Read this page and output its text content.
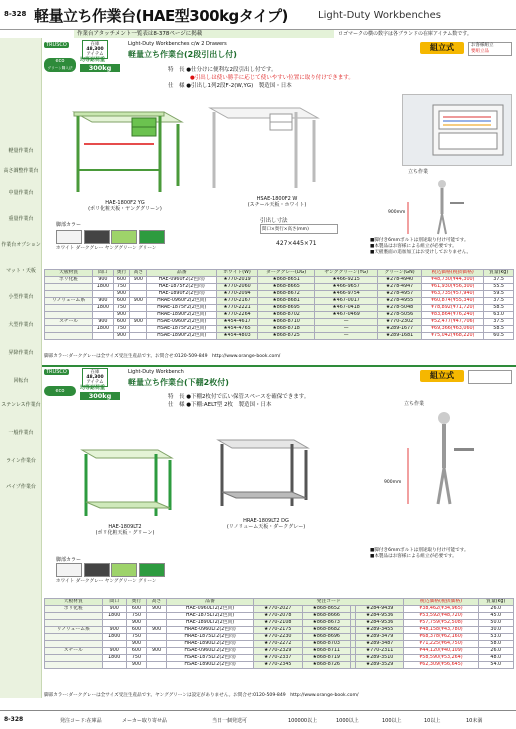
8-328 軽量立ち作業台(HAE型300kgタイプ)	Light-Duty Workbenches
作業台アタッチメント一覧表は8-378ページに掲載	ロゴマークの横の数字は各ブランドの在庫アイテム数です。
軽量作業台
高さ調整作業台
中量作業台
重量作業台
作業台オプション
マット・天板
小型作業台
大型作業台
昇降作業台
回転台
ステンレス作業台
一般作業台
ライン作業台
パイプ作業台
TRUSCO	在庫
48,300
アイテム
eco
グリーン購入法
均等耐荷重
300kg
Light-Duty Workbenches c/w 2 Drawers
軽量立ち作業台(2段引出し付)
特　長 ●仕分けに便利な2段引出し付です。
　　　　●引出しは使い勝手に応じて使いやすい位置に取り付けできます。
仕　様 ●引出し1列2段F-2(W,YG)　製造国・日本
組立式	お客様組立
要組立品
HAE-1800F2 YG
(ポリ化粧天板・ヤンググリーン)
HSAE-1800F2 W
(スチール天板・ホワイト)
立ち作業
900mm
引出し寸法
間口×奥行×高さ(mm)
427×445×71
脚部カラー

ホワイト ダークグレー ヤンググリーン グリーン
■脚付き6mmボルトは別途取り付け可能です。
■本製品はお客様による組立が必要です。
■天板裏面の追加加工はお受けしておりません。
天板材質	間口	奥行	高さ	品番	ホワイト(W)	ダークグレー(DG)	ヤンググリーン(YG)	グリーン(GN)	税込価格(税抜価格)	質量(kg)
ポリ化粧	900	600	900	HAE-0960F2(2色同)	★770-2019	★868-8651	★466-9215	★278-4940	¥48,730(¥44,300)	37.5
	1800	750		HAE-1875F2(2色同)	★770-2060	★868-8665	★466-9657	★278-4947	¥61,930(¥56,300)	55.5
		900		HAE-1890F2(2色同)	★770-2094	★868-8672	★466-9754	★278-4957	¥63,735(¥57,940)	59.5
リノリューム系	900	600	900	HRAE-0960F2(2色同)	★770-2167	★868-8681	★467-0017	★278-4955	¥60,874(¥55,340)	37.5
	1800	750		HRAE-1875F2(2色同)	★770-2221	★868-8695	★467-0418	★278-5048	¥78,892(¥71,720)	58.5
		900		HRAE-1890F2(2色同)	★770-2264	★868-8702	★467-0469	★278-5056	¥83,864(¥76,240)	63.0
スチール	900	600	900	HSAE-0960F2(2色同)	★454-4617	★868-8710	—	★770-2302	¥52,477(¥47,706)	37.5
	1800	750		HSAE-1875F2(2色同)	★454-4765	★868-8718	—	★289-1677	¥69,366(¥63,060)	58.5
		900		HSAE-1890F2(2色同)	★454-4803	★868-8725	—	★289-1681	¥75,042(¥68,220)	60.5
脚部カラー:ダークグレーは全サイズ受注生産品です。お問合せ:0120-509-849　http://www.orange-book.com/
TRUSCO	在庫
48,300
アイテム
eco	均等耐荷重
300kg
Light-Duty Workbench
軽量立ち作業台(下棚2枚付)
特　長 ●下棚2枚付で広い保管スペースを確保できます。
仕　様 ●下棚:AELT型 2枚　製造国・日本
組立式
HAE-1809LT2
(ポリ化粧天板・グリーン)
HRAE-1809LT2 DG
(リノリューム天板・ダークグレー)
立ち作業
900mm
脚部カラー

ホワイト ダークグレー ヤンググリーン グリーン
■脚付き6mmボルトは別途取り付け可能です。
■本製品はお客様による組立が必要です。
天板材質	間口	奥行	高さ	品番	発注コード				税込価格(税抜価格)	質量(kg)
ポリ化粧	900	600	900	HAE-0960LT2(2色同)	★770-2027	★868-8652		★284-9439	¥38,462(¥34,965)	26.0
	1800	750		HAE-1875LT2(2色同)	★770-2078	★868-8666		★284-9536	¥53,592(¥48,720)	45.0
		900		HAE-1890LT2(2色同)	★770-2108	★868-8673		★284-9536	¥57,759(¥52,508)	50.0
リノリューム系	900	600	900	HRAE-0960LT2(2色同)	★770-2175	★868-8682		★289-3455	¥48,158(¥43,780)	30.0
	1800	750		HRAE-1875LT2(2色同)	★770-2230	★868-8696		★289-3479	¥68,378(¥62,160)	53.0
		900		HRAE-1890LT2(2色同)	★770-2272	★868-8703		★289-3487	¥71,225(¥64,750)	58.0
スチール	900	600	900	HSAE-0960LT2(2色同)	★770-2329	★868-8711		★770-2311	¥44,120(¥40,109)	26.0
	1800	750		HSAE-1875LT2(2色同)	★770-2337	★868-8719		★289-3510	¥58,590(¥53,264)	48.0
		900		HSAE-1890LT2(2色同)	★770-2345	★868-8726		★289-3529	¥62,309(¥56,645)	54.0
脚部カラー:ダークグレーは全サイズ受注生産品です。ヤンググリーンは設定がありません。お問合せ:0120-509-849　http://www.orange-book.com/
8-328	発注コード:在庫品	メーカー取り寄せ品	当日一個発送可	100000以上	1000以上	100以上	10以上	10未満
